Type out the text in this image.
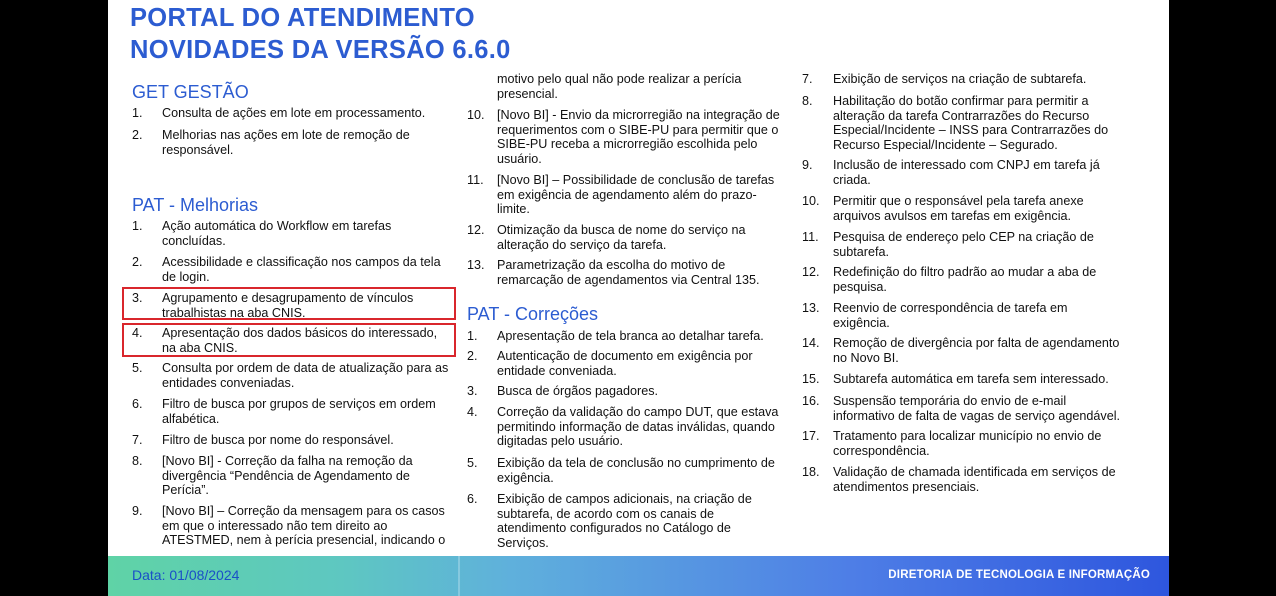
PORTAL DO ATENDIMENTO
NOVIDADES DA VERSÃO 6.6.0
GET GESTÃO
1. Consulta de ações em lote em processamento.
2. Melhorias nas ações em lote de remoção de
responsável.
PAT - Melhorias
1. Ação automática do Workflow em tarefas
concluídas.
2. Acessibilidade e classificação nos campos da tela
de login.
3. Agrupamento e desagrupamento de vínculos
trabalhistas na aba CNIS.
4. Apresentação dos dados básicos do interessado,
na aba CNIS.
5. Consulta por ordem de data de atualização para as
entidades conveniadas.
6. Filtro de busca por grupos de serviços em ordem
alfabética.
7. Filtro de busca por nome do responsável.
8. [Novo BI] - Correção da falha na remoção da
divergência “Pendência de Agendamento de
Perícia”.
9. [Novo BI] – Correção da mensagem para os casos
em que o interessado não tem direito ao
ATESTMED, nem à perícia presencial, indicando o
motivo pelo qual não pode realizar a perícia
presencial.
10. [Novo BI] - Envio da microrregião na integração de
requerimentos com o SIBE-PU para permitir que o
SIBE-PU receba a microrregião escolhida pelo
usuário.
11. [Novo BI] – Possibilidade de conclusão de tarefas
em exigência de agendamento além do prazo-
limite.
12. Otimização da busca de nome do serviço na
alteração do serviço da tarefa.
13. Parametrização da escolha do motivo de
remarcação de agendamentos via Central 135.
PAT - Correções
1. Apresentação de tela branca ao detalhar tarefa.
2. Autenticação de documento em exigência por
entidade conveniada.
3. Busca de órgãos pagadores.
4. Correção da validação do campo DUT, que estava
permitindo informação de datas inválidas, quando
digitadas pelo usuário.
5. Exibição da tela de conclusão no cumprimento de
exigência.
6. Exibição de campos adicionais, na criação de
subtarefa, de acordo com os canais de
atendimento configurados no Catálogo de
Serviços.
7. Exibição de serviços na criação de subtarefa.
8. Habilitação do botão confirmar para permitir a
alteração da tarefa Contrarrazões do Recurso
Especial/Incidente – INSS para Contrarrazões do
Recurso Especial/Incidente – Segurado.
9. Inclusão de interessado com CNPJ em tarefa já
criada.
10. Permitir que o responsável pela tarefa anexe
arquivos avulsos em tarefas em exigência.
11. Pesquisa de endereço pelo CEP na criação de
subtarefa.
12. Redefinição do filtro padrão ao mudar a aba de
pesquisa.
13. Reenvio de correspondência de tarefa em
exigência.
14. Remoção de divergência por falta de agendamento
no Novo BI.
15. Subtarefa automática em tarefa sem interessado.
16. Suspensão temporária do envio de e-mail
informativo de falta de vagas de serviço agendável.
17. Tratamento para localizar município no envio de
correspondência.
18. Validação de chamada identificada em serviços de
atendimentos presenciais.
Data: 01/08/2024	DIRETORIA DE TECNOLOGIA E INFORMAÇÃO
